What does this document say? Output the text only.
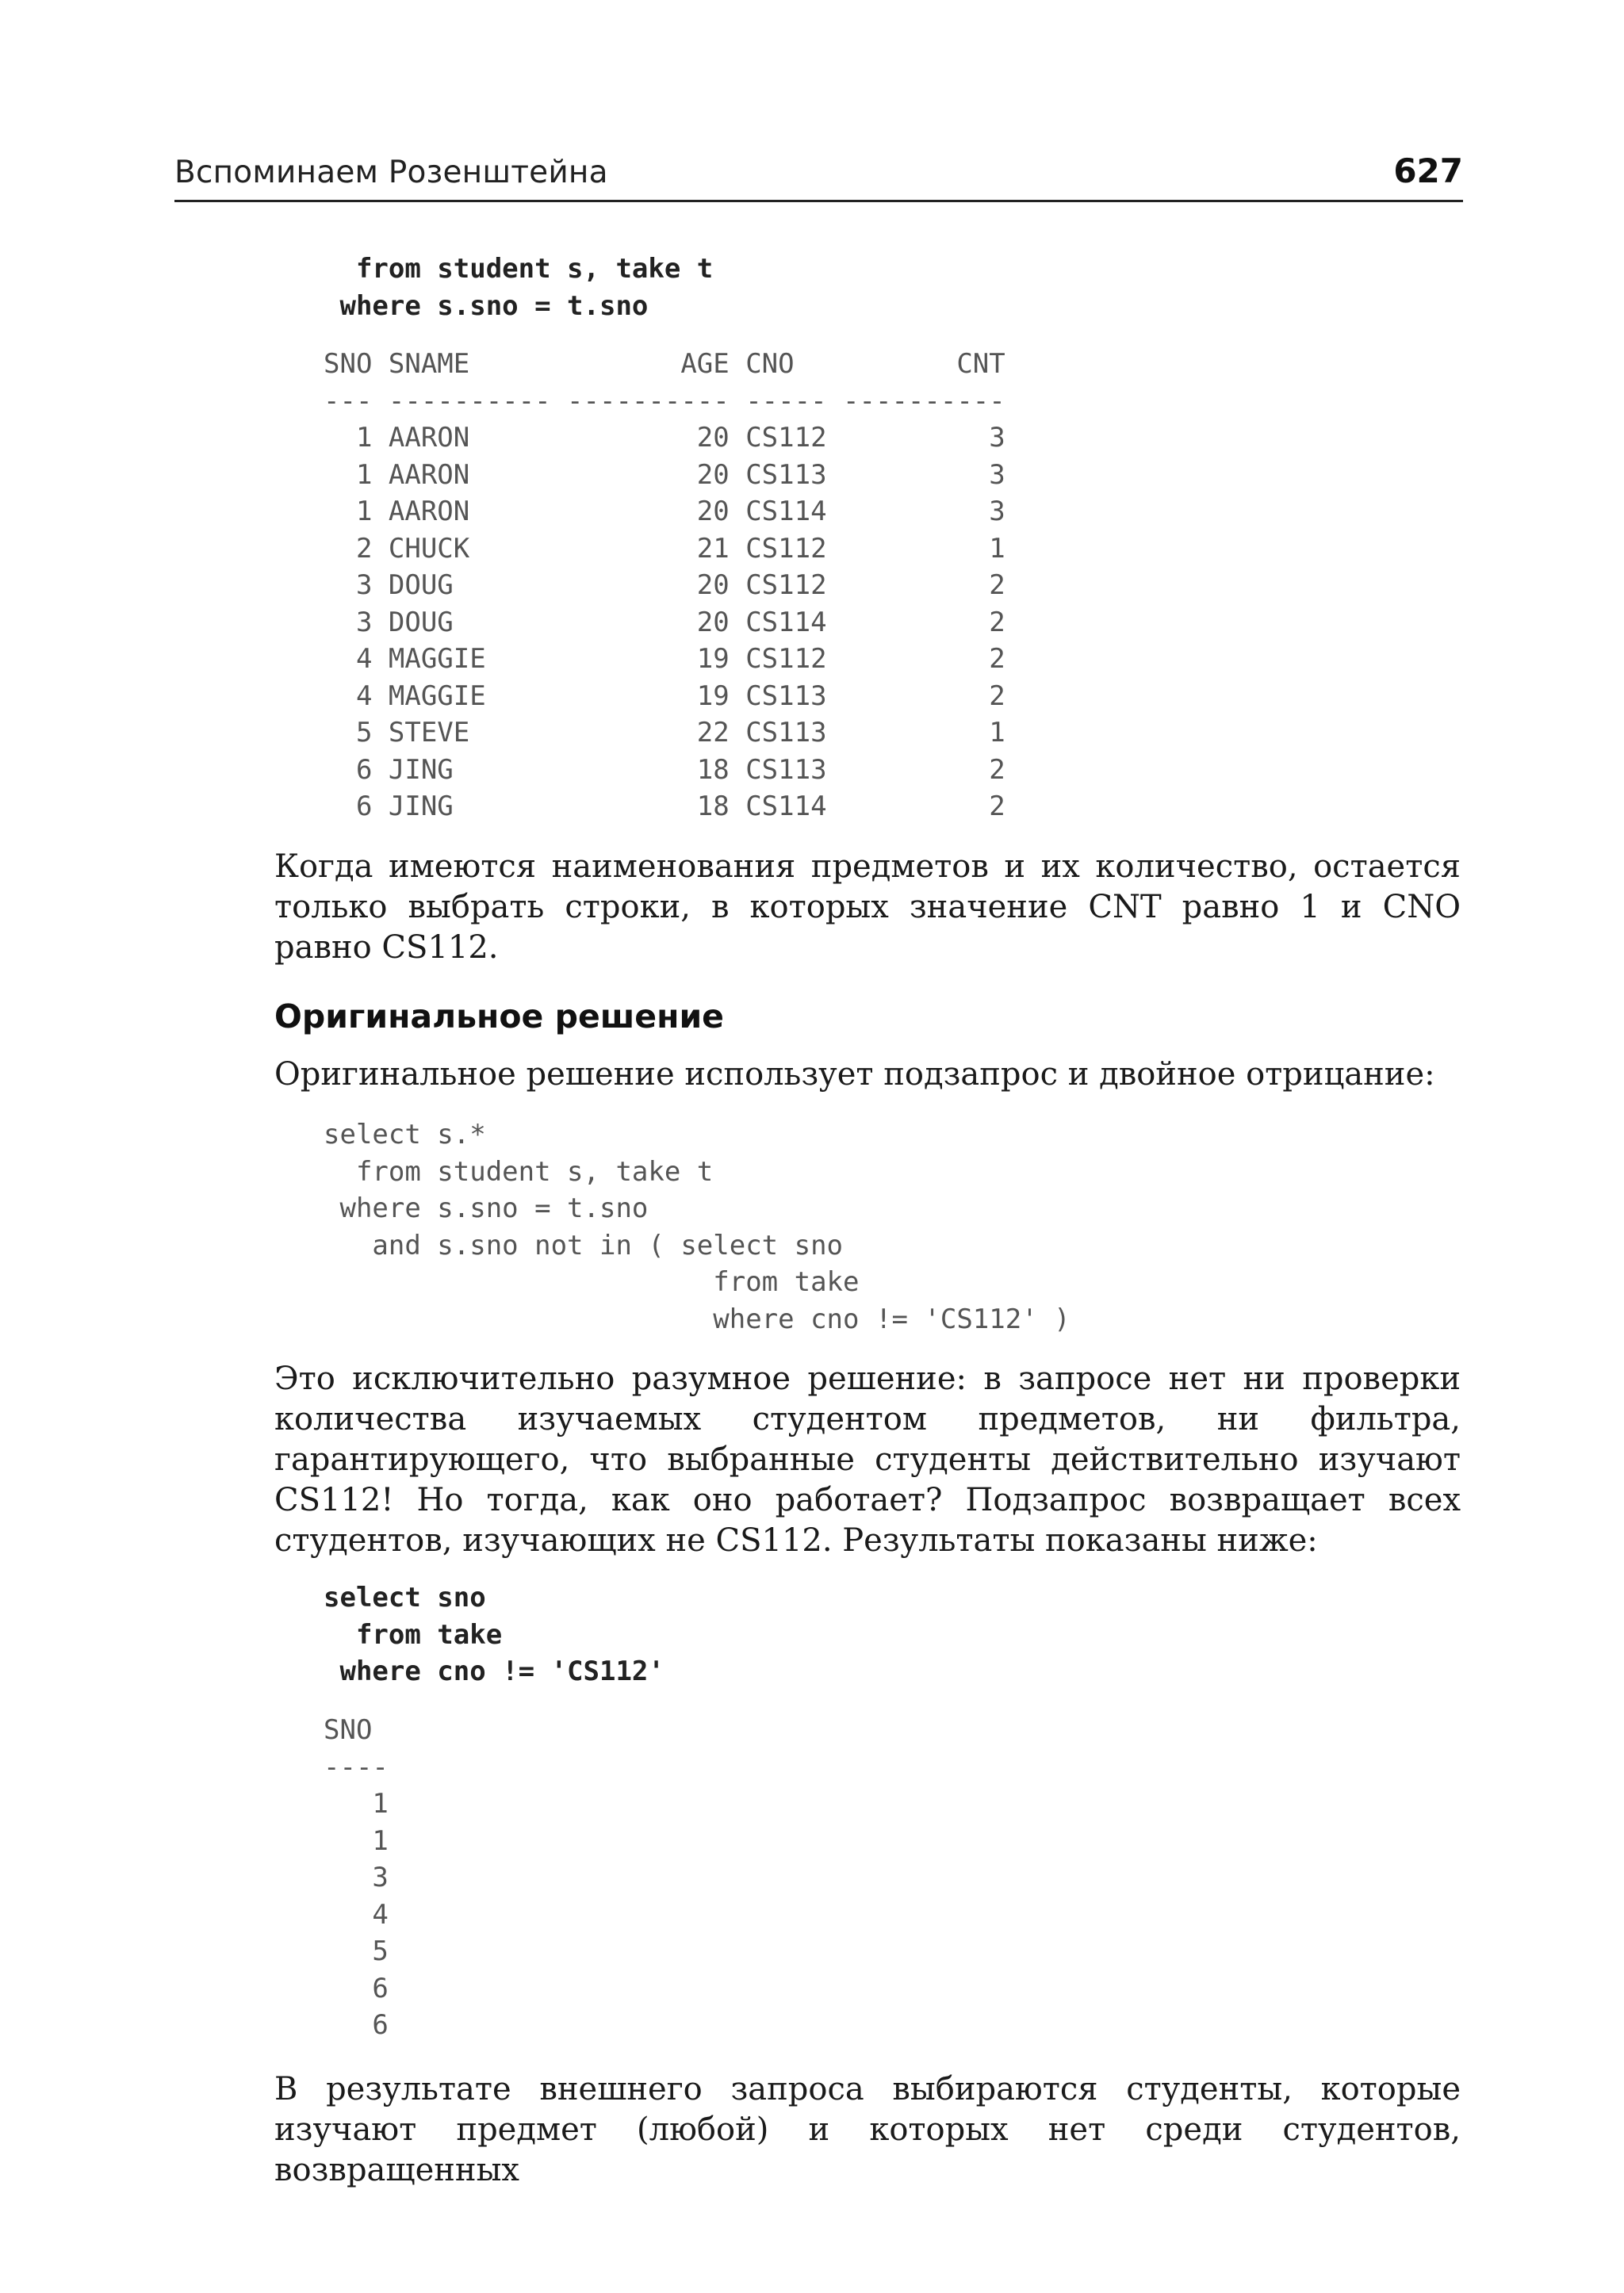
Вспоминаем Розенштейна	627
from student s, take t
where s.sno = t.sno
SNO SNAME             AGE CNO          CNT
--- ---------- ---------- ----- ----------
1 AARON              20 CS112          3
1 AARON              20 CS113          3
1 AARON              20 CS114          3
2 CHUCK              21 CS112          1
3 DOUG               20 CS112          2
3 DOUG               20 CS114          2
4 MAGGIE             19 CS112          2
4 MAGGIE             19 CS113          2
5 STEVE              22 CS113          1
6 JING               18 CS113          2
6 JING               18 CS114          2

Когда имеются наименования предметов и их количество, остается только выбрать строки, в которых значение CNT равно 1 и CNO равно CS112.

Оригинальное решение

Оригинальное решение использует подзапрос и двойное отрицание:

select s.*
from student s, take t
where s.sno = t.sno
and s.sno not in ( select sno
from take
where cno != 'CS112' )

Это исключительно разумное решение: в запросе нет ни проверки количества изучаемых студентом предметов, ни фильтра, гарантирующего, что выбранные студенты действительно изучают CS112! Но тогда, как оно работает? Подзапрос возвращает всех студентов, изучающих не CS112. Результаты показаны ниже:

select sno
from take
where cno != 'CS112'
SNO
----
1
1
3
4
5
6
6

В результате внешнего запроса выбираются студенты, которые изучают предмет (любой) и которых нет среди студентов, возвращенных
